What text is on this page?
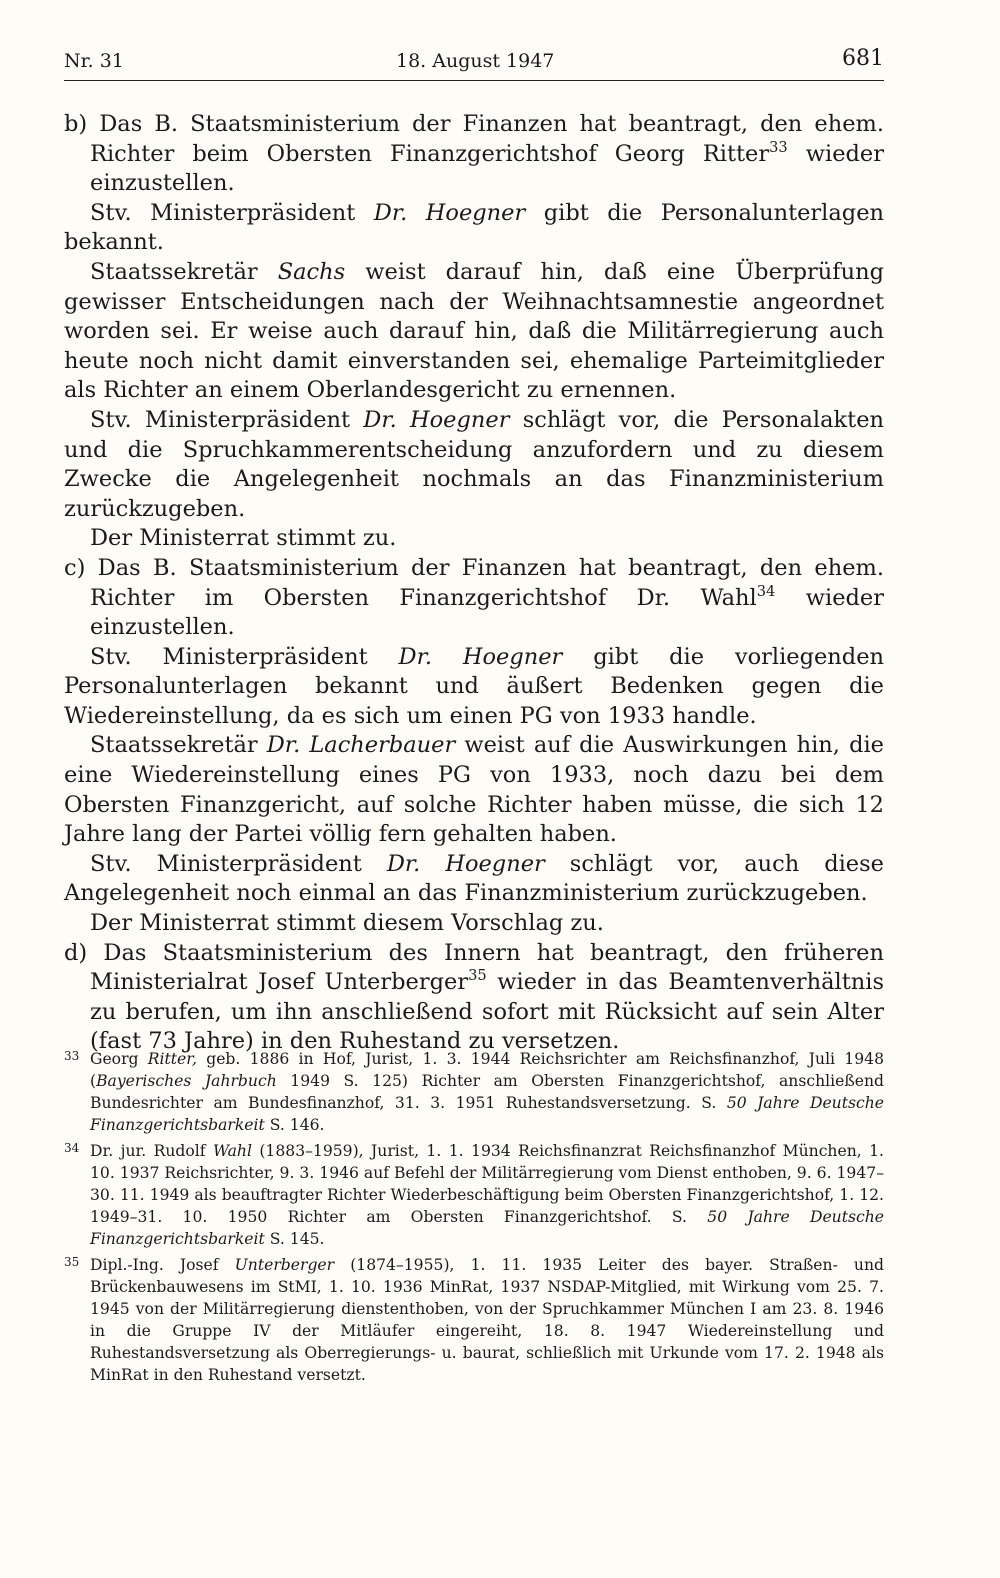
Nr. 31	18. August 1947	681

b) Das B. Staatsministerium der Finanzen hat beantragt, den ehem. Richter beim Obersten Finanzgerichtshof Georg Ritter$^{33}$ wieder einzustellen.

Stv. Ministerpräsident Dr. Hoegner gibt die Personalunterlagen bekannt.

Staatssekretär Sachs weist darauf hin, daß eine Überprüfung gewisser Entscheidungen nach der Weihnachtsamnestie angeordnet worden sei. Er weise auch darauf hin, daß die Militärregierung auch heute noch nicht damit einverstanden sei, ehemalige Parteimitglieder als Richter an einem Oberlandesgericht zu ernennen.

Stv. Ministerpräsident Dr. Hoegner schlägt vor, die Personalakten und die Spruchkammerentscheidung anzufordern und zu diesem Zwecke die Angelegenheit nochmals an das Finanzministerium zurückzugeben.

Der Ministerrat stimmt zu.

c) Das B. Staatsministerium der Finanzen hat beantragt, den ehem. Richter im Obersten Finanzgerichtshof Dr. Wahl$^{34}$ wieder einzustellen.

Stv. Ministerpräsident Dr. Hoegner gibt die vorliegenden Personalunterlagen bekannt und äußert Bedenken gegen die Wiedereinstellung, da es sich um einen PG von 1933 handle.

Staatssekretär Dr. Lacherbauer weist auf die Auswirkungen hin, die eine Wiedereinstellung eines PG von 1933, noch dazu bei dem Obersten Finanzgericht, auf solche Richter haben müsse, die sich 12 Jahre lang der Partei völlig fern gehalten haben.

Stv. Ministerpräsident Dr. Hoegner schlägt vor, auch diese Angelegenheit noch einmal an das Finanzministerium zurückzugeben.

Der Ministerrat stimmt diesem Vorschlag zu.

d) Das Staatsministerium des Innern hat beantragt, den früheren Ministerialrat Josef Unterberger$^{35}$ wieder in das Beamtenverhältnis zu berufen, um ihn anschließend sofort mit Rücksicht auf sein Alter (fast 73 Jahre) in den Ruhestand zu versetzen.

33 Georg Ritter, geb. 1886 in Hof, Jurist, 1. 3. 1944 Reichsrichter am Reichsfinanzhof, Juli 1948 (Bayerisches Jahrbuch 1949 S. 125) Richter am Obersten Finanzgerichtshof, anschließend Bundesrichter am Bundesfinanzhof, 31. 3. 1951 Ruhestandsversetzung. S. 50 Jahre Deutsche Finanzgerichtsbarkeit S. 146.

34 Dr. jur. Rudolf Wahl (1883–1959), Jurist, 1. 1. 1934 Reichsfinanzrat Reichsfinanzhof München, 1. 10. 1937 Reichsrichter, 9. 3. 1946 auf Befehl der Militärregierung vom Dienst enthoben, 9. 6. 1947–30. 11. 1949 als beauftragter Richter Wiederbeschäftigung beim Obersten Finanzgerichtshof, 1. 12. 1949–31. 10. 1950 Richter am Obersten Finanzgerichtshof. S. 50 Jahre Deutsche Finanzgerichtsbarkeit S. 145.

35 Dipl.-Ing. Josef Unterberger (1874–1955), 1. 11. 1935 Leiter des bayer. Straßen- und Brückenbauwesens im StMI, 1. 10. 1936 MinRat, 1937 NSDAP-Mitglied, mit Wirkung vom 25. 7. 1945 von der Militärregierung dienstenthoben, von der Spruchkammer München I am 23. 8. 1946 in die Gruppe IV der Mitläufer eingereiht, 18. 8. 1947 Wiedereinstellung und Ruhestandsversetzung als Oberregierungs- u. baurat, schließlich mit Urkunde vom 17. 2. 1948 als MinRat in den Ruhestand versetzt.
